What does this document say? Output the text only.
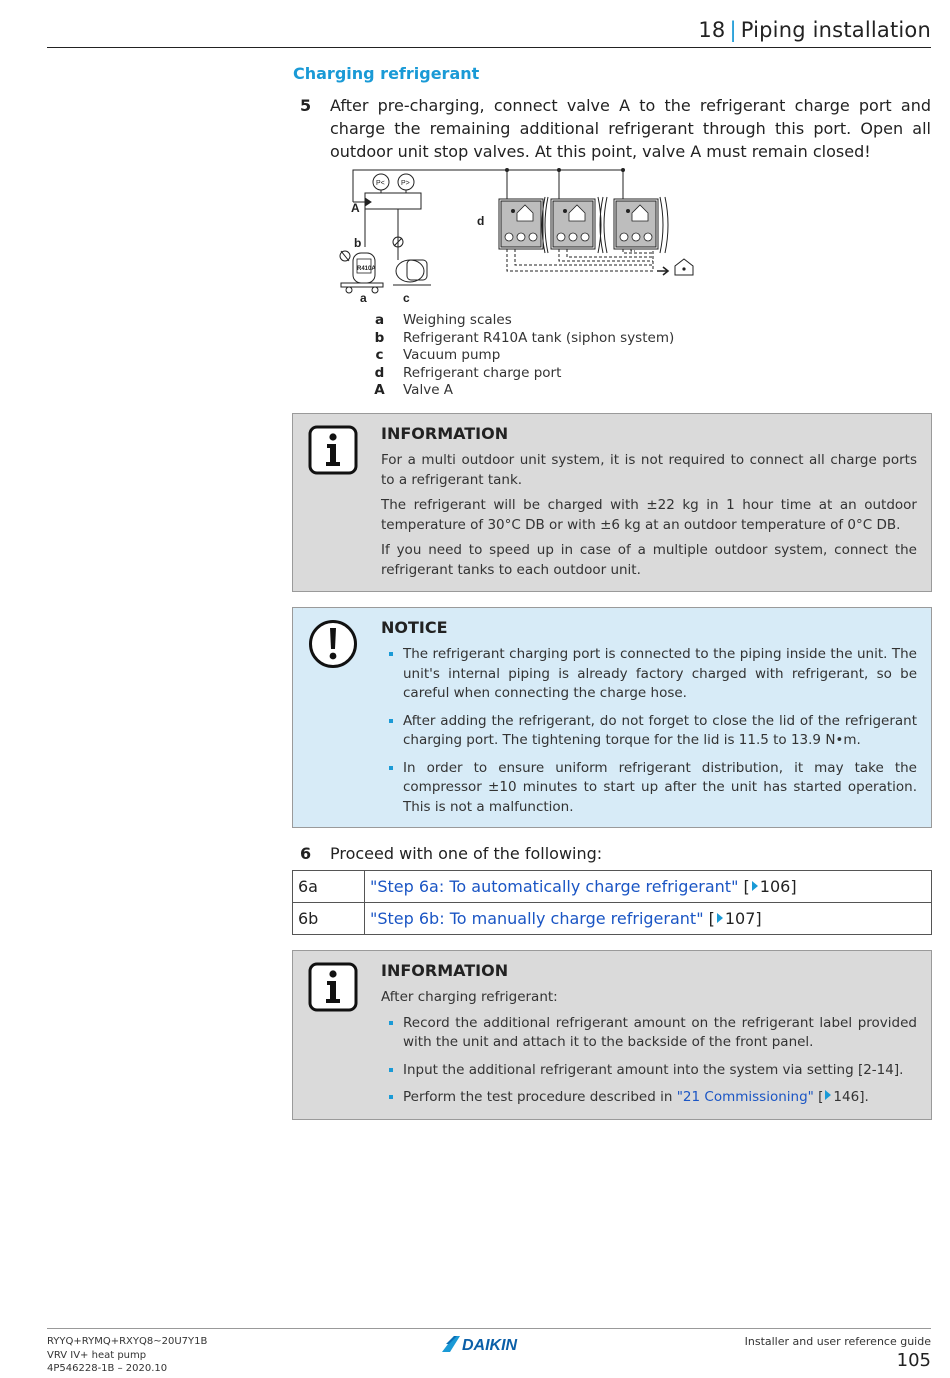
18 | Piping installation
Charging refrigerant
5 After pre-charging, connect valve A to the refrigerant charge port and charge the remaining additional refrigerant through this port. Open all outdoor unit stop valves. At this point, valve A must remain closed!
A
b
a	c
d
R410A
P< P>
a	Weighing scales
b	Refrigerant R410A tank (siphon system)
c	Vacuum pump
d	Refrigerant charge port
A	Valve A
INFORMATION

For a multi outdoor unit system, it is not required to connect all charge ports to a refrigerant tank.

The refrigerant will be charged with ±22 kg in 1 hour time at an outdoor temperature of 30°C DB or with ±6 kg at an outdoor temperature of 0°C DB.

If you need to speed up in case of a multiple outdoor system, connect the refrigerant tanks to each outdoor unit.

NOTICE
The refrigerant charging port is connected to the piping inside the unit. The unit's internal piping is already factory charged with refrigerant, so be careful when connecting the charge hose.
After adding the refrigerant, do not forget to close the lid of the refrigerant charging port. The tightening torque for the lid is 11.5 to 13.9 N•m.
In order to ensure uniform refrigerant distribution, it may take the compressor ±10 minutes to start up after the unit has started operation. This is not a malfunction.
6 Proceed with one of the following:
6a	"Step 6a: To automatically charge refrigerant" [ 106]
6b	"Step 6b: To manually charge refrigerant" [ 107]
INFORMATION

After charging refrigerant:

Record the additional refrigerant amount on the refrigerant label provided with the unit and attach it to the backside of the front panel.
Input the additional refrigerant amount into the system via setting [2-14].
Perform the test procedure described in "21 Commissioning" [ 146].
RYYQ+RYMQ+RXYQ8~20U7Y1B
VRV IV+ heat pump
4P546228-1B – 2020.10
DAIKIN	Installer and user reference guide
105
